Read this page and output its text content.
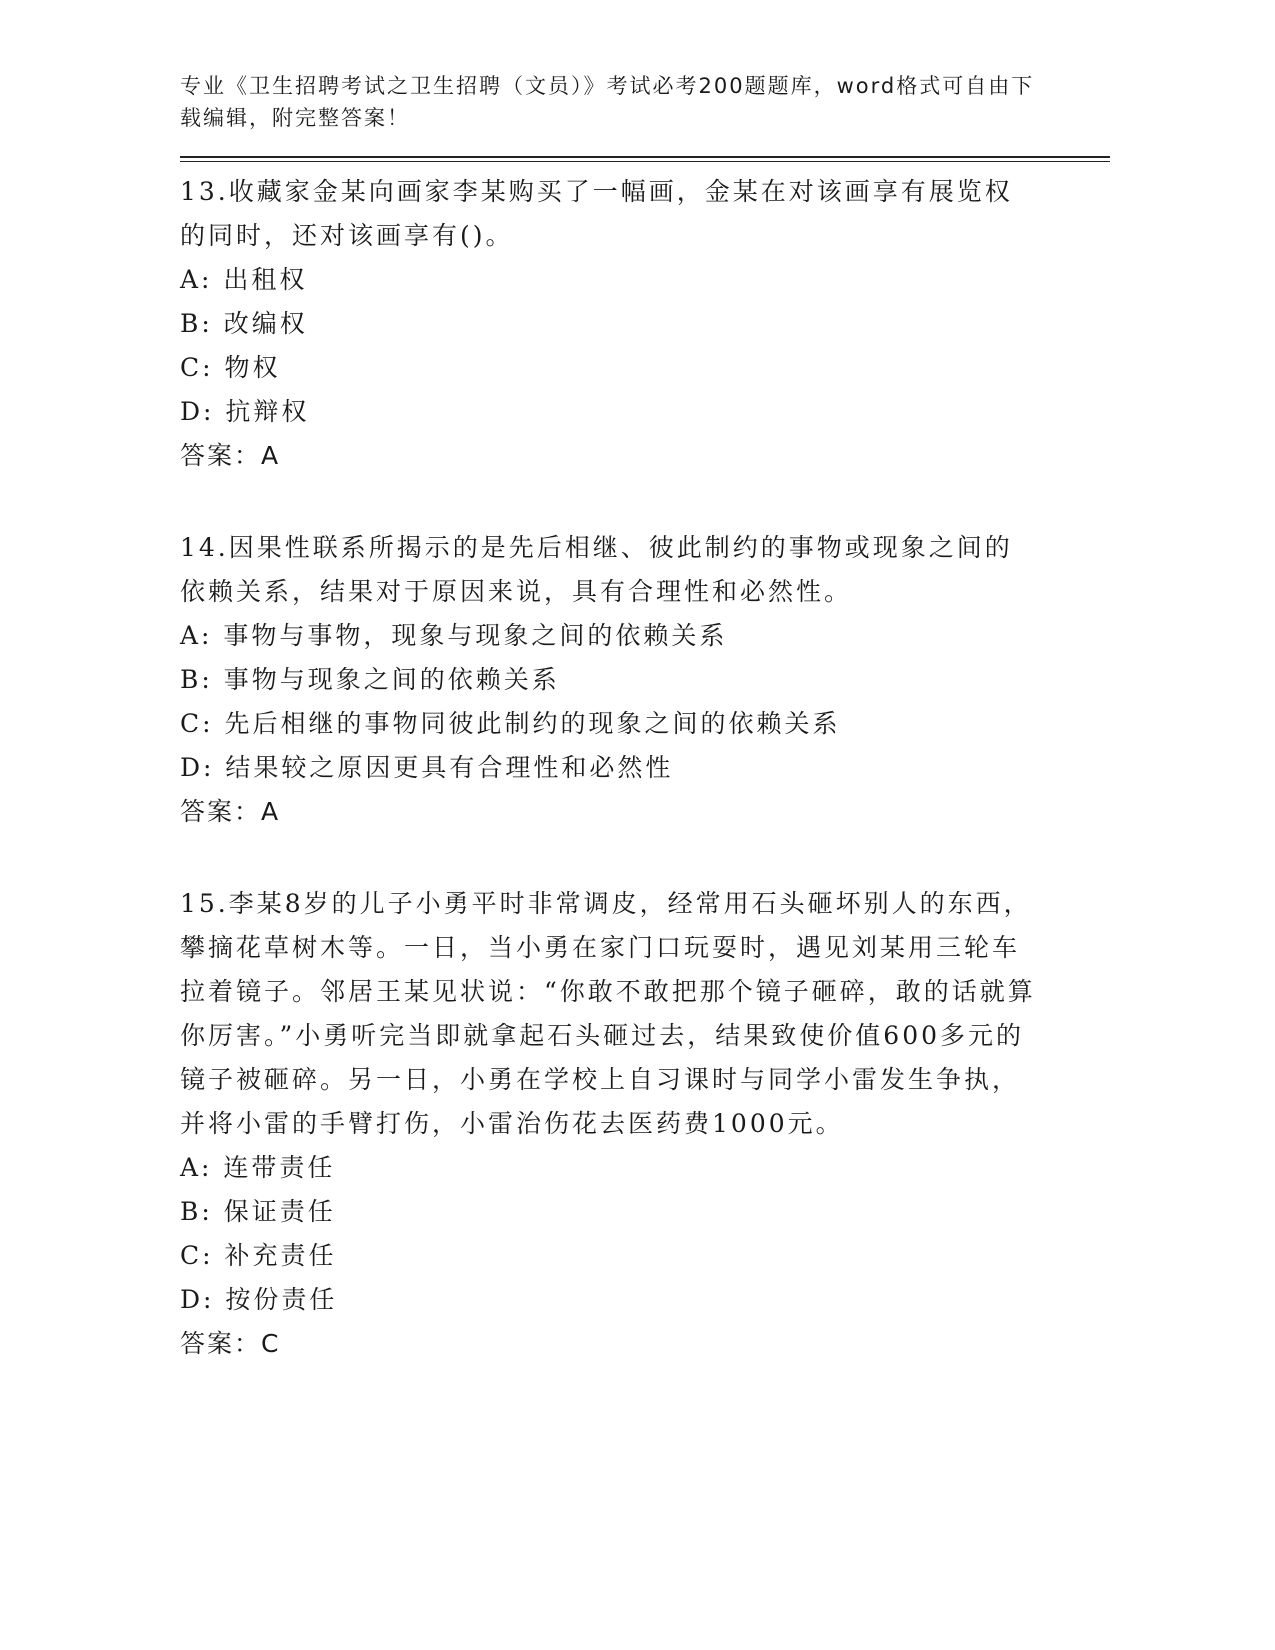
专业《卫生招聘考试之卫生招聘（文员）》考试必考200题题库，word格式可自由下载编辑，附完整答案！
13.收藏家金某向画家李某购买了一幅画，金某在对该画享有展览权的同时，还对该画享有()。
A: 出租权
B: 改编权
C: 物权
D: 抗辩权
答案：A
14.因果性联系所揭示的是先后相继、彼此制约的事物或现象之间的依赖关系，结果对于原因来说，具有合理性和必然性。
A: 事物与事物，现象与现象之间的依赖关系
B: 事物与现象之间的依赖关系
C: 先后相继的事物同彼此制约的现象之间的依赖关系
D: 结果较之原因更具有合理性和必然性
答案：A
15.李某8岁的儿子小勇平时非常调皮，经常用石头砸坏别人的东西，攀摘花草树木等。一日，当小勇在家门口玩耍时，遇见刘某用三轮车拉着镜子。邻居王某见状说：“你敢不敢把那个镜子砸碎，敢的话就算你厉害。”小勇听完当即就拿起石头砸过去，结果致使价值600多元的镜子被砸碎。另一日，小勇在学校上自习课时与同学小雷发生争执，并将小雷的手臂打伤，小雷治伤花去医药费1000元。
A: 连带责任
B: 保证责任
C: 补充责任
D: 按份责任
答案：C
